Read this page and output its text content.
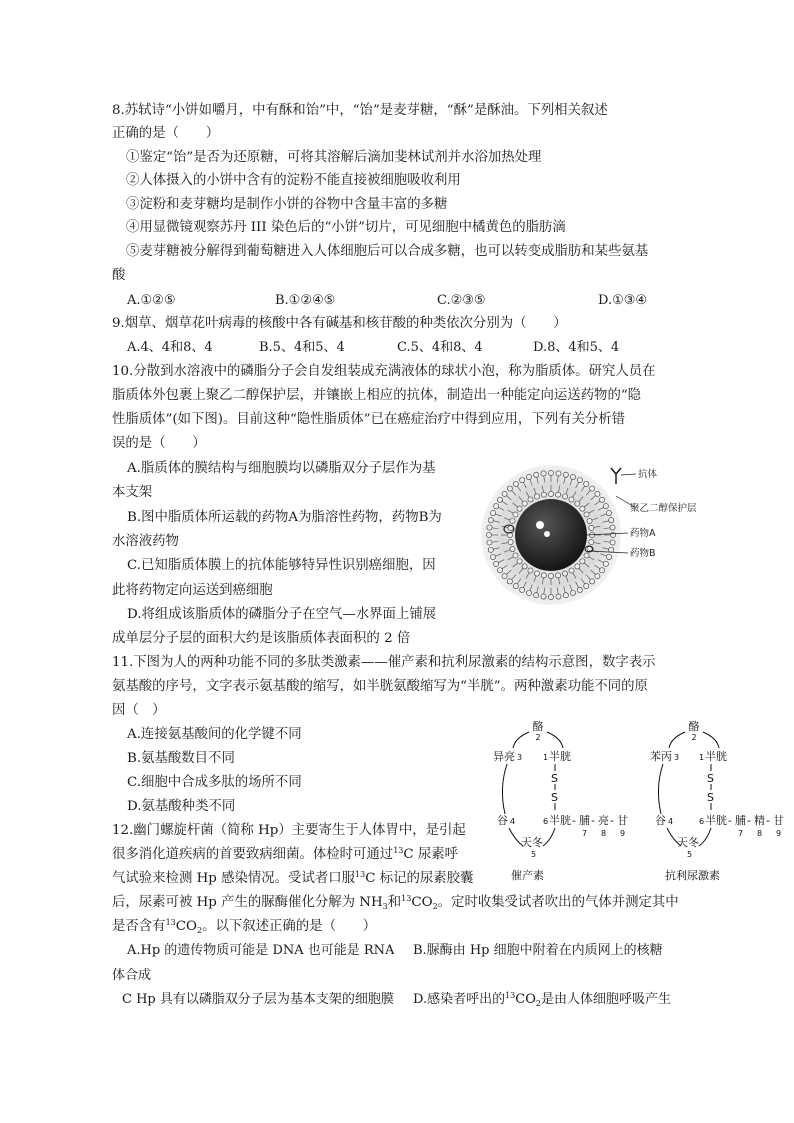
8.苏轼诗“小饼如嚼月，中有酥和饴”中，“饴”是麦芽糖，“酥”是酥油。下列相关叙述
正确的是（　　）
①鉴定“饴”是否为还原糖，可将其溶解后滴加斐林试剂并水浴加热处理
②人体摄入的小饼中含有的淀粉不能直接被细胞吸收利用
③淀粉和麦芽糖均是制作小饼的谷物中含量丰富的多糖
④用显微镜观察苏丹 III 染色后的“小饼”切片，可见细胞中橘黄色的脂肪滴
⑤麦芽糖被分解得到葡萄糖进入人体细胞后可以合成多糖，也可以转变成脂肪和某些氨基
酸
A.①②⑤	B.①②④⑤	C.②③⑤	D.①③④
9.烟草、烟草花叶病毒的核酸中各有碱基和核苷酸的种类依次分别为（　　）
A.4、4和8、4	B.5、4和5、4	C.5、4和8、4	D.8、4和5、4
10.分散到水溶液中的磷脂分子会自发组装成充满液体的球状小泡，称为脂质体。研究人员在
脂质体外包裹上聚乙二醇保护层，并镶嵌上相应的抗体，制造出一种能定向运送药物的“隐
性脂质体”(如下图)。目前这种“隐性脂质体”已在癌症治疗中得到应用，下列有关分析错
误的是（　　）
A.脂质体的膜结构与细胞膜均以磷脂双分子层作为基
本支架
B.图中脂质体所运载的药物A为脂溶性药物，药物B为
水溶液药物
C.已知脂质体膜上的抗体能够特异性识别癌细胞，因
此将药物定向运送到癌细胞
D.将组成该脂质体的磷脂分子在空气—水界面上铺展
成单层分子层的面积大约是该脂质体表面积的 2 倍
抗体
聚乙二醇保护层
药物A
药物B
11.下图为人的两种功能不同的多肽类激素——催产素和抗利尿激素的结构示意图，数字表示
氨基酸的序号，文字表示氨基酸的缩写，如半胱氨酸缩写为“半胱”。两种激素功能不同的原
因（　）
A.连接氨基酸间的化学键不同
B.氨基酸数目不同
C.细胞中合成多肽的场所不同
D.氨基酸种类不同
酪
2
异亮 3	1 半胱
S
S
谷 4	6 半胱 - 脯 - 亮 - 甘
7 8 9
天冬
5
催产素
酪
2
苯丙 3 1 半胱
S
S
谷 4	6 半胱 - 脯 - 精 - 甘
7 8 9
天冬
5
抗利尿激素
12.幽门螺旋杆菌（简称 Hp）主要寄生于人体胃中，是引起
很多消化道疾病的首要致病细菌。体检时可通过$^{13}$C 尿素呼
气试验来检测 Hp 感染情况。受试者口服$^{13}$C 标记的尿素胶囊
后，尿素可被 Hp 产生的脲酶催化分解为 $NH_3$和$^{13}CO_2$。定时收集受试者吹出的气体并测定其中
是否含有$^{13}CO_2$。以下叙述正确的是（　　）
A.Hp 的遗传物质可能是 DNA 也可能是 RNA B.脲酶由 Hp 细胞中附着在内质网上的核糖
体合成
C Hp 具有以磷脂双分子层为基本支架的细胞膜 D.感染者呼出的$^{13}CO_2$是由人体细胞呼吸产生
